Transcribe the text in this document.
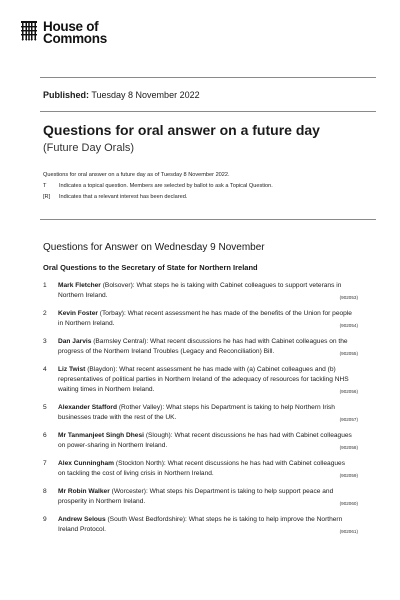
House of
Commons
Published: Tuesday 8 November 2022
Questions for oral answer on a future day
(Future Day Orals)
Questions for oral answer on a future day as of Tuesday 8 November 2022.
T	Indicates a topical question. Members are selected by ballot to ask a Topical Question.
[R]	Indicates that a relevant interest has been declared.
Questions for Answer on Wednesday 9 November
Oral Questions to the Secretary of State for Northern Ireland
1	Mark Fletcher (Bolsover): What steps he is taking with Cabinet colleagues to support veterans in Northern Ireland.	(902053)
2	Kevin Foster (Torbay): What recent assessment he has made of the benefits of the Union for people in Northern Ireland.	(902054)
3	Dan Jarvis (Barnsley Central): What recent discussions he has had with Cabinet colleagues on the progress of the Northern Ireland Troubles (Legacy and Reconciliation) Bill.	(902055)
4	Liz Twist (Blaydon): What recent assessment he has made with (a) Cabinet colleagues and (b) representatives of political parties in Northern Ireland of the adequacy of resources for tackling NHS waiting times in Northern Ireland.	(902056)
5	Alexander Stafford (Rother Valley): What steps his Department is taking to help Northern Irish businesses trade with the rest of the UK.	(902057)
6	Mr Tanmanjeet Singh Dhesi (Slough): What recent discussions he has had with Cabinet colleagues on power-sharing in Northern Ireland.	(902058)
7	Alex Cunningham (Stockton North): What recent discussions he has had with Cabinet colleagues on tackling the cost of living crisis in Northern Ireland.	(902059)
8	Mr Robin Walker (Worcester): What steps his Department is taking to help support peace and prosperity in Northern Ireland.	(902060)
9	Andrew Selous (South West Bedfordshire): What steps he is taking to help improve the Northern Ireland Protocol.	(902061)
